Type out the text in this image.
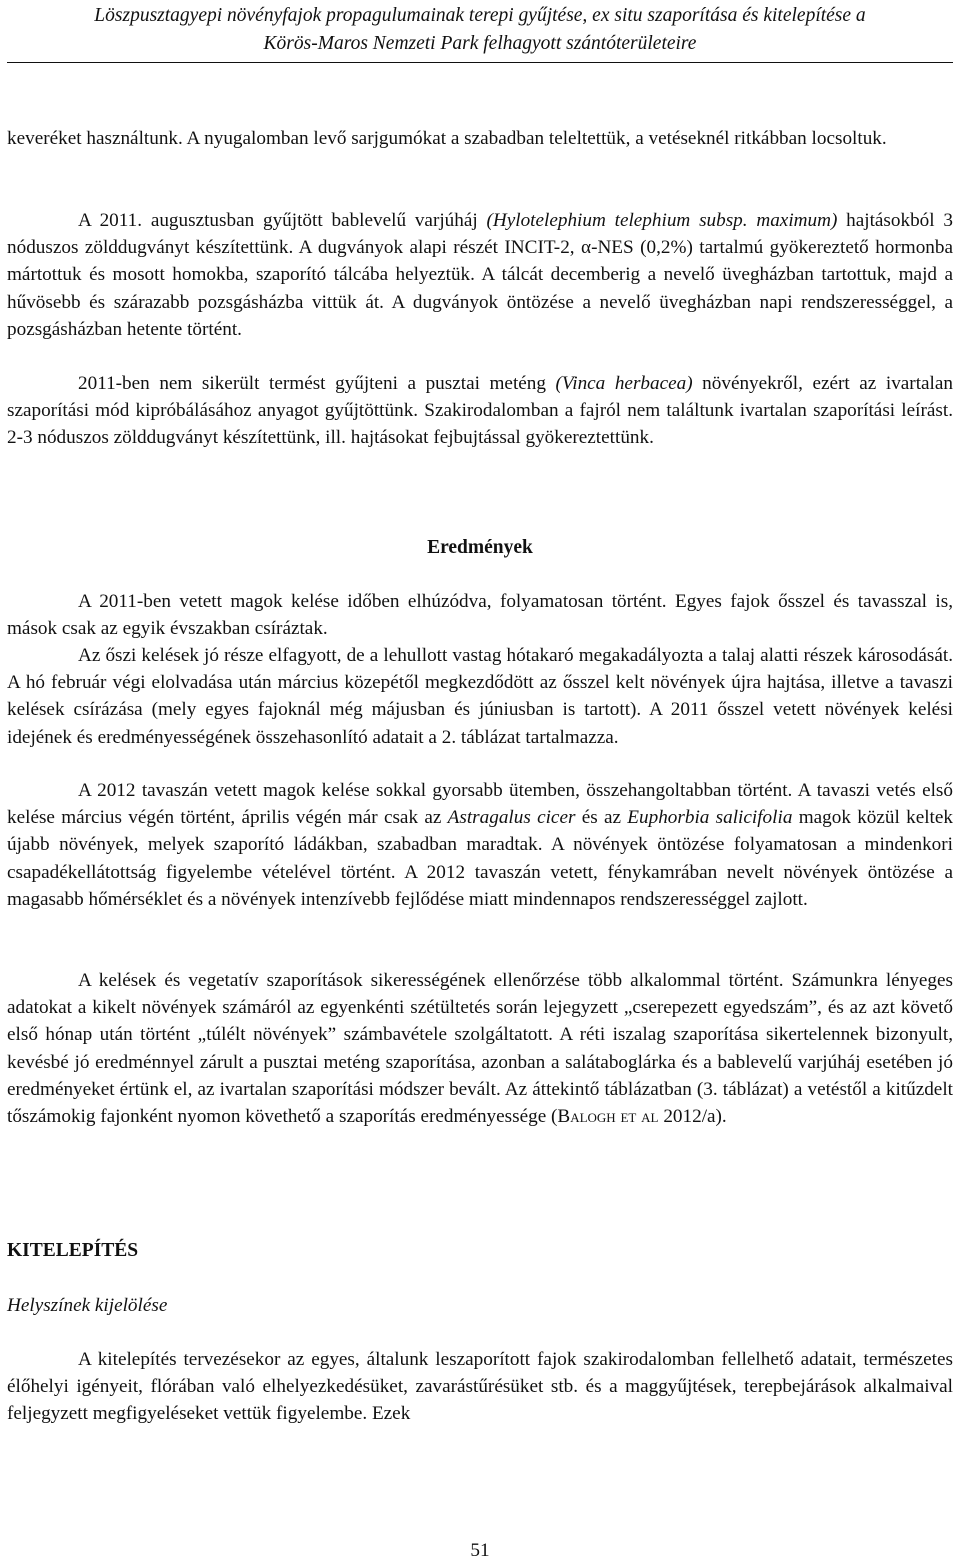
Löszpusztagyepi növényfajok propagulumainak terepi gyűjtése, ex situ szaporítása és kitelepítése a
Körös-Maros Nemzeti Park felhagyott szántóterületeire

keveréket használtunk. A nyugalomban levő sarjgumókat a szabadban teleltettük, a vetéseknél ritkábban locsoltuk.

A 2011. augusztusban gyűjtött bablevelű varjúháj (Hylotelephium telephium subsp. maximum) hajtásokból 3 nóduszos zölddugványt készítettünk. A dugványok alapi részét INCIT-2, α-NES (0,2%) tartalmú gyökereztető hormonba mártottuk és mosott homokba, szaporító tálcába helyeztük. A tálcát decemberig a nevelő üvegházban tartottuk, majd a hűvösebb és szárazabb pozsgásházba vittük át. A dugványok öntözése a nevelő üvegházban napi rendszerességgel, a pozsgásházban hetente történt.

2011-ben nem sikerült termést gyűjteni a pusztai meténg (Vinca herbacea) növényekről, ezért az ivartalan szaporítási mód kipróbálásához anyagot gyűjtöttünk. Szakirodalomban a fajról nem találtunk ivartalan szaporítási leírást. 2-3 nóduszos zölddugványt készítettünk, ill. hajtásokat fejbujtással gyökereztettünk.

Eredmények

A 2011-ben vetett magok kelése időben elhúzódva, folyamatosan történt. Egyes fajok ősszel és tavasszal is, mások csak az egyik évszakban csíráztak.

Az őszi kelések jó része elfagyott, de a lehullott vastag hótakaró megakadályozta a talaj alatti részek károsodását. A hó február végi elolvadása után március közepétől megkezdődött az ősszel kelt növények újra hajtása, illetve a tavaszi kelések csírázása (mely egyes fajoknál még májusban és júniusban is tartott). A 2011 ősszel vetett növények kelési idejének és eredményességének összehasonlító adatait a 2. táblázat tartalmazza.

A 2012 tavaszán vetett magok kelése sokkal gyorsabb ütemben, összehangoltabban történt. A tavaszi vetés első kelése március végén történt, április végén már csak az Astragalus cicer és az Euphorbia salicifolia magok közül keltek újabb növények, melyek szaporító ládákban, szabadban maradtak. A növények öntözése folyamatosan a mindenkori csapadékellátottság figyelembe vételével történt. A 2012 tavaszán vetett, fénykamrában nevelt növények öntözése a magasabb hőmérséklet és a növények intenzívebb fejlődése miatt mindennapos rendszerességgel zajlott.

A kelések és vegetatív szaporítások sikerességének ellenőrzése több alkalommal történt. Számunkra lényeges adatokat a kikelt növények számáról az egyenkénti szétültetés során lejegyzett „cserepezett egyedszám”, és az azt követő első hónap után történt „túlélt növények” számbavétele szolgáltatott. A réti iszalag szaporítása sikertelennek bizonyult, kevésbé jó eredménnyel zárult a pusztai meténg szaporítása, azonban a salátaboglárka és a bablevelű varjúháj esetében jó eredményeket értünk el, az ivartalan szaporítási módszer bevált. Az áttekintő táblázatban (3. táblázat) a vetéstől a kitűzdelt tőszámokig fajonként nyomon követhető a szaporítás eredményessége (Balogh et al 2012/a).

KITELEPÍTÉS
Helyszínek kijelölése

A kitelepítés tervezésekor az egyes, általunk leszaporított fajok szakirodalomban fellelhető adatait, természetes élőhelyi igényeit, flórában való elhelyezkedésüket, zavarástűrésüket stb. és a maggyűjtések, terepbejárások alkalmaival feljegyzett megfigyeléseket vettük figyelembe. Ezek

51
